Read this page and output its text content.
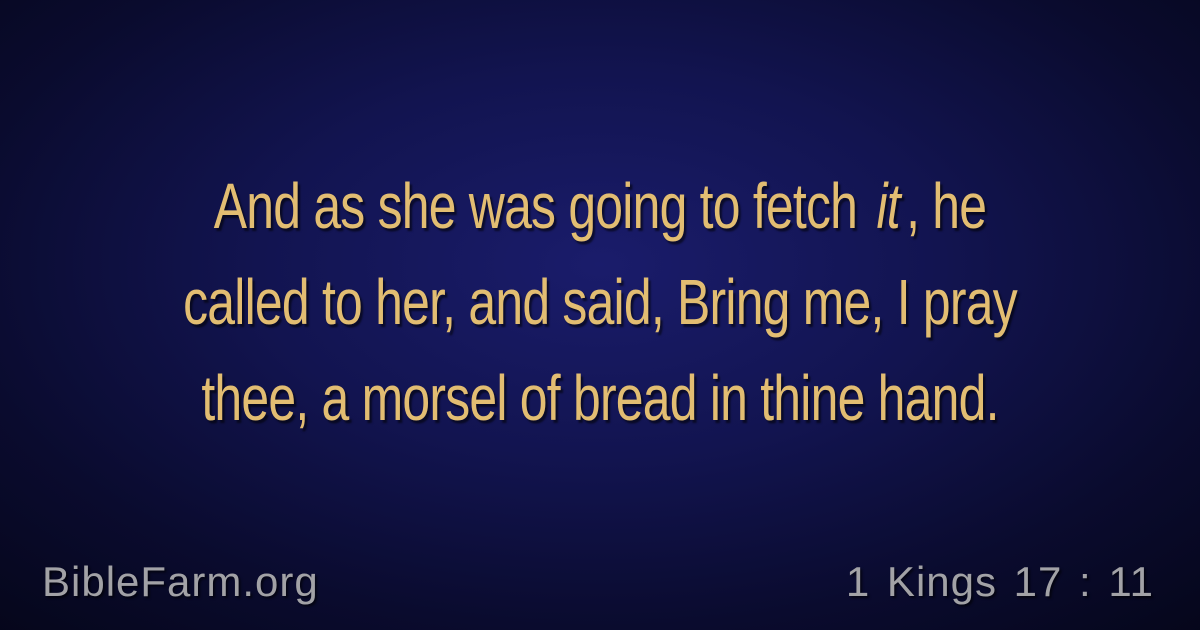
And as she was going to fetch it, he
called to her, and said, Bring me, I pray
thee, a morsel of bread in thine hand.
BibleFarm.org	1 Kings 17 : 11
